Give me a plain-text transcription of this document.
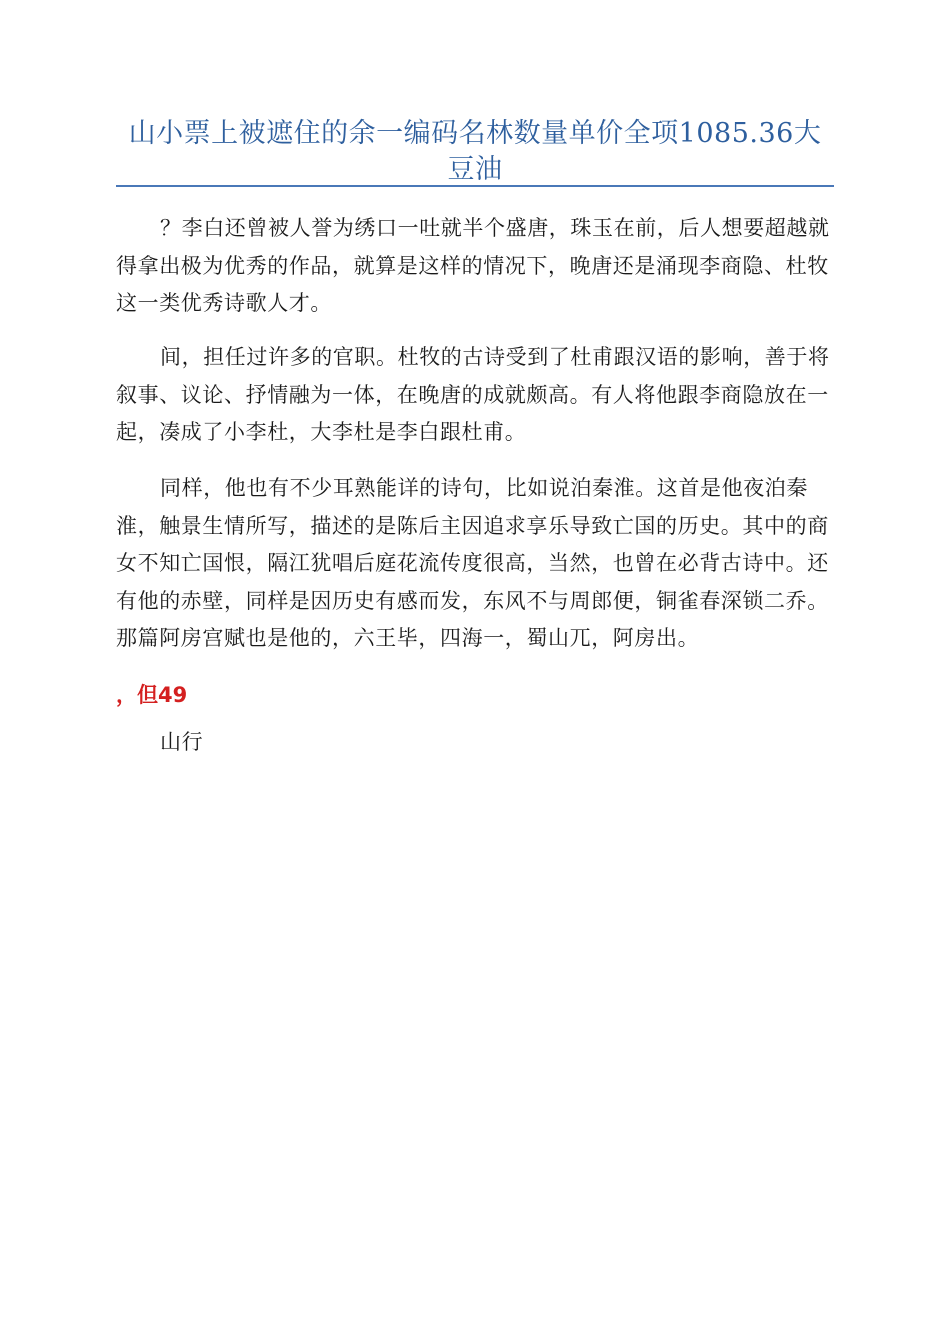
山小票上被遮住的余一编码名林数量单价全项1085.36大豆油

？李白还曾被人誉为绣口一吐就半个盛唐，珠玉在前，后人想要超越就得拿出极为优秀的作品，就算是这样的情况下，晚唐还是涌现李商隐、杜牧这一类优秀诗歌人才。

间，担任过许多的官职。杜牧的古诗受到了杜甫跟汉语的影响，善于将叙事、议论、抒情融为一体，在晚唐的成就颇高。有人将他跟李商隐放在一起，凑成了小李杜，大李杜是李白跟杜甫。

同样，他也有不少耳熟能详的诗句，比如说泊秦淮。这首是他夜泊秦淮，触景生情所写，描述的是陈后主因追求享乐导致亡国的历史。其中的商女不知亡国恨，隔江犹唱后庭花流传度很高，当然，也曾在必背古诗中。还有他的赤壁，同样是因历史有感而发，东风不与周郎便，铜雀春深锁二乔。那篇阿房宫赋也是他的，六王毕，四海一，蜀山兀，阿房出。

，但49

山行
